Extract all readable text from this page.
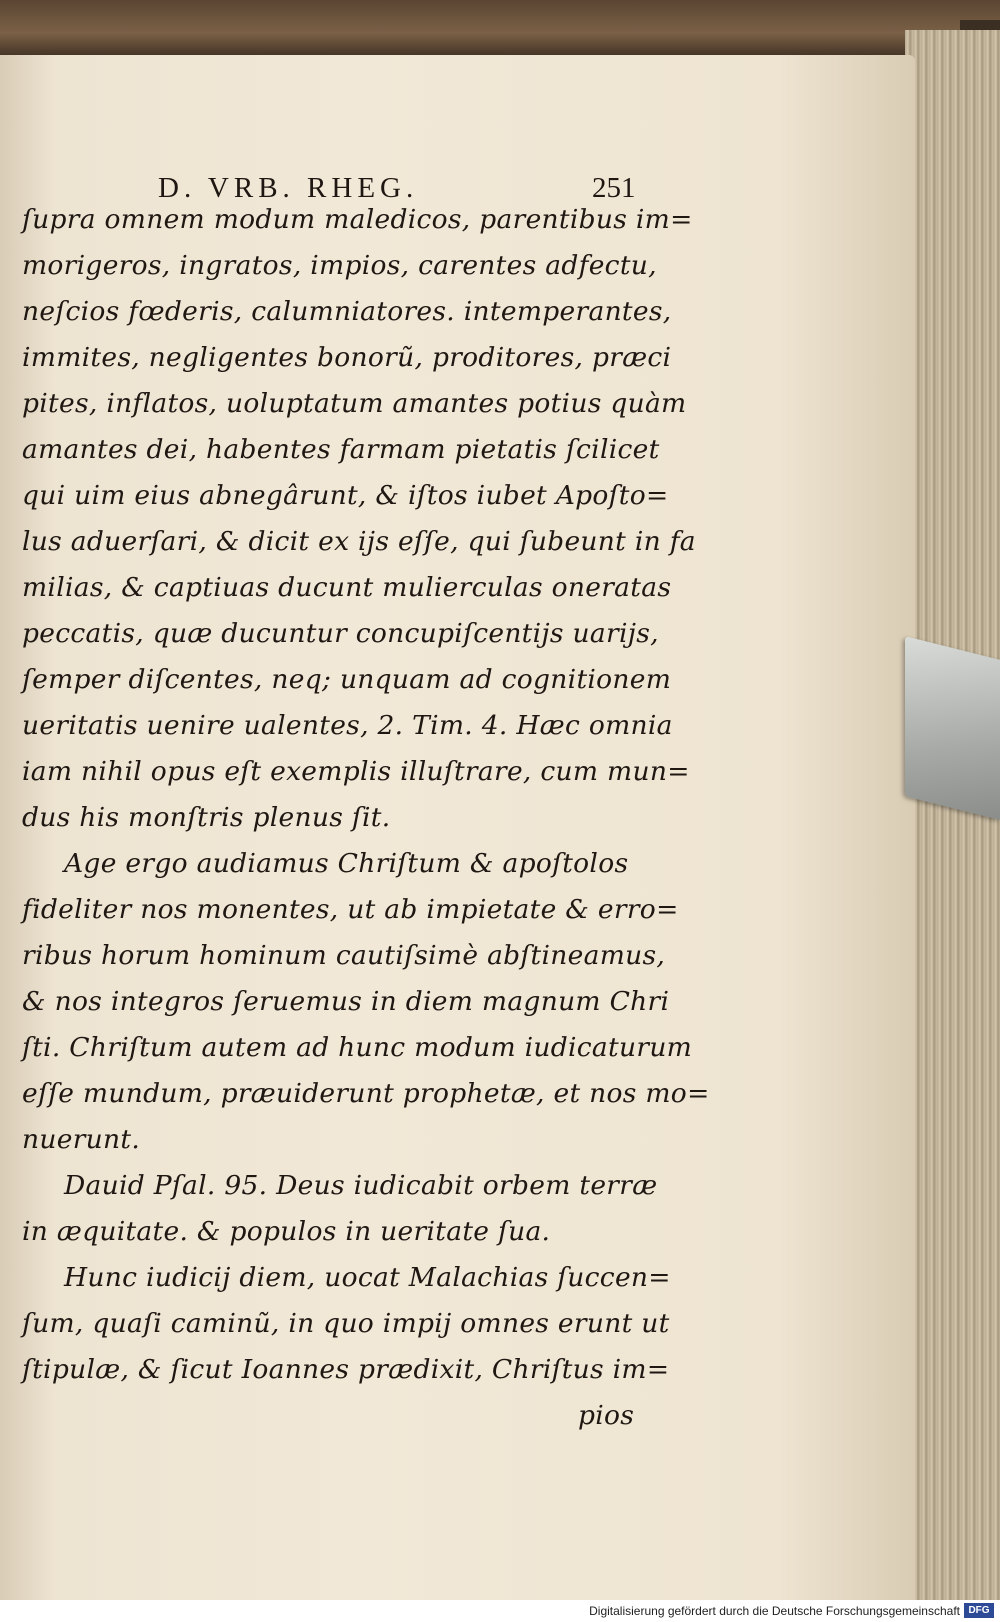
D. VRB. RHEG.	251
ſupra omnem modum maledicos, parentibus im=
morigeros, ingratos, impios, carentes adfectu,
neſcios fœderis, calumniatores. intemperantes,
immites, negligentes bonorũ, proditores, præci
pites, inflatos, uoluptatum amantes potius quàm
amantes dei, habentes farmam pietatis ſcilicet
qui uim eius abnegârunt, & iſtos iubet Apoſto=
lus aduerſari, & dicit ex ijs eſſe, qui ſubeunt in fa
milias, & captiuas ducunt mulierculas oneratas
peccatis, quæ ducuntur concupiſcentijs uarijs,
ſemper diſcentes, neq; unquam ad cognitionem
ueritatis uenire ualentes, 2. Tim. 4. Hæc omnia
iam nihil opus eſt exemplis illuſtrare, cum mun=
dus his monſtris plenus ſit.
Age ergo audiamus Chriſtum & apoſtolos
fideliter nos monentes, ut ab impietate & erro=
ribus horum hominum cautiſsimè abſtineamus,
& nos integros ſeruemus in diem magnum Chri
ſti. Chriſtum autem ad hunc modum iudicaturum
eſſe mundum, præuiderunt prophetæ, et nos mo=
nuerunt.
Dauid Pſal. 95. Deus iudicabit orbem terræ
in æquitate. & populos in ueritate ſua.
Hunc iudicij diem, uocat Malachias ſuccen=
ſum, quaſi caminũ, in quo impij omnes erunt ut
ſtipulæ, & ſicut Ioannes prædixit, Chriſtus im=
pios
Digitalisierung gefördert durch die Deutsche Forschungsgemeinschaft DFG
